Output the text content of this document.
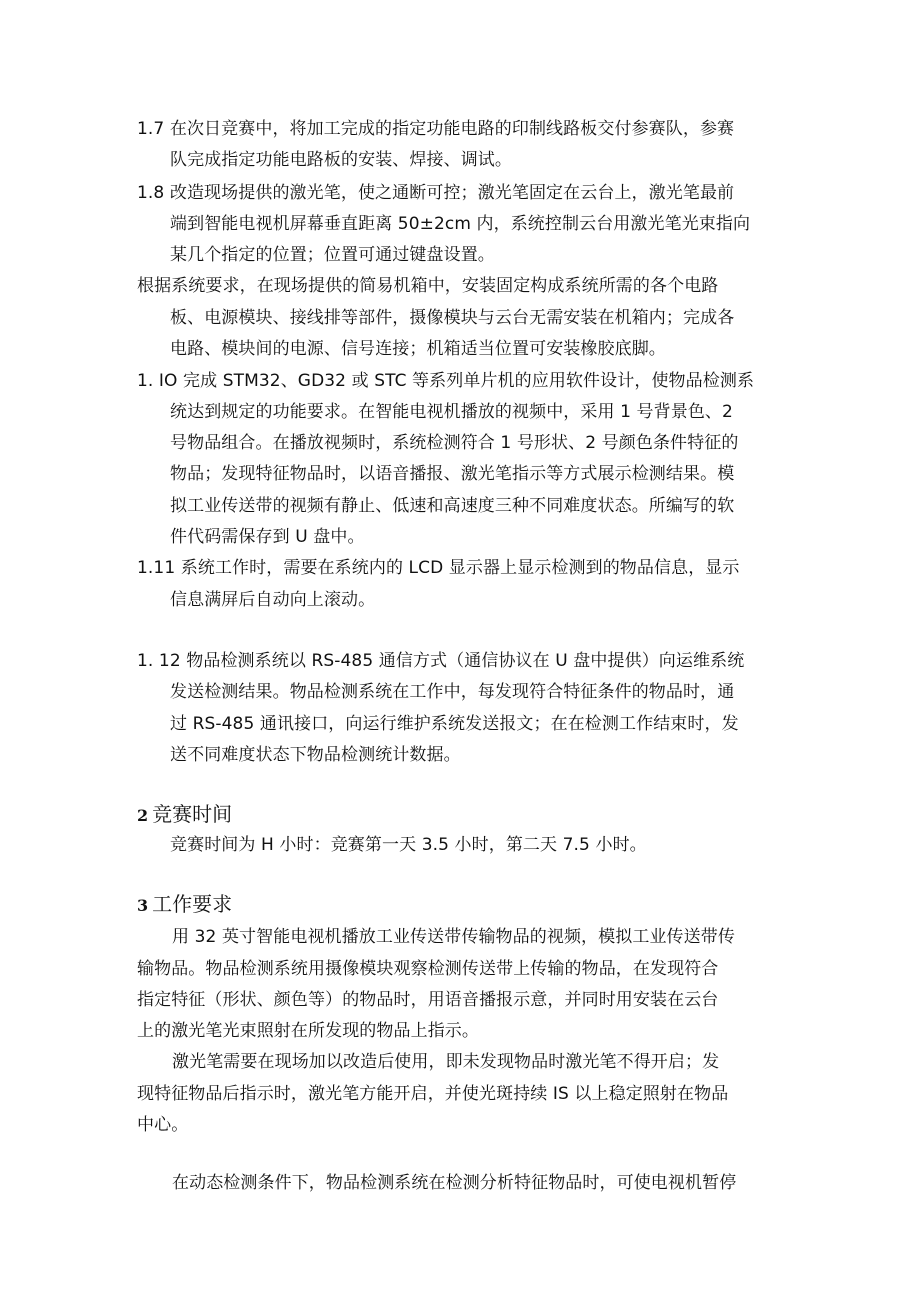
1.7 在次日竞赛中，将加工完成的指定功能电路的印制线路板交付参赛队，参赛
队完成指定功能电路板的安装、焊接、调试。
1.8 改造现场提供的激光笔，使之通断可控；激光笔固定在云台上，激光笔最前
端到智能电视机屏幕垂直距离 50±2cm 内，系统控制云台用激光笔光束指向
某几个指定的位置；位置可通过键盘设置。
根据系统要求，在现场提供的简易机箱中，安装固定构成系统所需的各个电路
板、电源模块、接线排等部件，摄像模块与云台无需安装在机箱内；完成各
电路、模块间的电源、信号连接；机箱适当位置可安装橡胶底脚。
1. IO 完成 STM32、GD32 或 STC 等系列单片机的应用软件设计，使物品检测系
统达到规定的功能要求。在智能电视机播放的视频中，采用 1 号背景色、2
号物品组合。在播放视频时，系统检测符合 1 号形状、2 号颜色条件特征的
物品；发现特征物品时，以语音播报、激光笔指示等方式展示检测结果。模
拟工业传送带的视频有静止、低速和高速度三种不同难度状态。所编写的软
件代码需保存到 U 盘中。
1.11 系统工作时，需要在系统内的 LCD 显示器上显示检测到的物品信息，显示
信息满屏后自动向上滚动。
1. 12 物品检测系统以 RS-485 通信方式（通信协议在 U 盘中提供）向运维系统
发送检测结果。物品检测系统在工作中，每发现符合特征条件的物品时，通
过 RS-485 通讯接口，向运行维护系统发送报文；在在检测工作结束时，发
送不同难度状态下物品检测统计数据。
2 竞赛时间
竞赛时间为 H 小时：竞赛第一天 3.5 小时，第二天 7.5 小时。
3 工作要求
用 32 英寸智能电视机播放工业传送带传输物品的视频，模拟工业传送带传
输物品。物品检测系统用摄像模块观察检测传送带上传输的物品，在发现符合
指定特征（形状、颜色等）的物品时，用语音播报示意，并同时用安装在云台
上的激光笔光束照射在所发现的物品上指示。
激光笔需要在现场加以改造后使用，即未发现物品时激光笔不得开启；发
现特征物品后指示时，激光笔方能开启，并使光斑持续 IS 以上稳定照射在物品
中心。
在动态检测条件下，物品检测系统在检测分析特征物品时，可使电视机暂停
